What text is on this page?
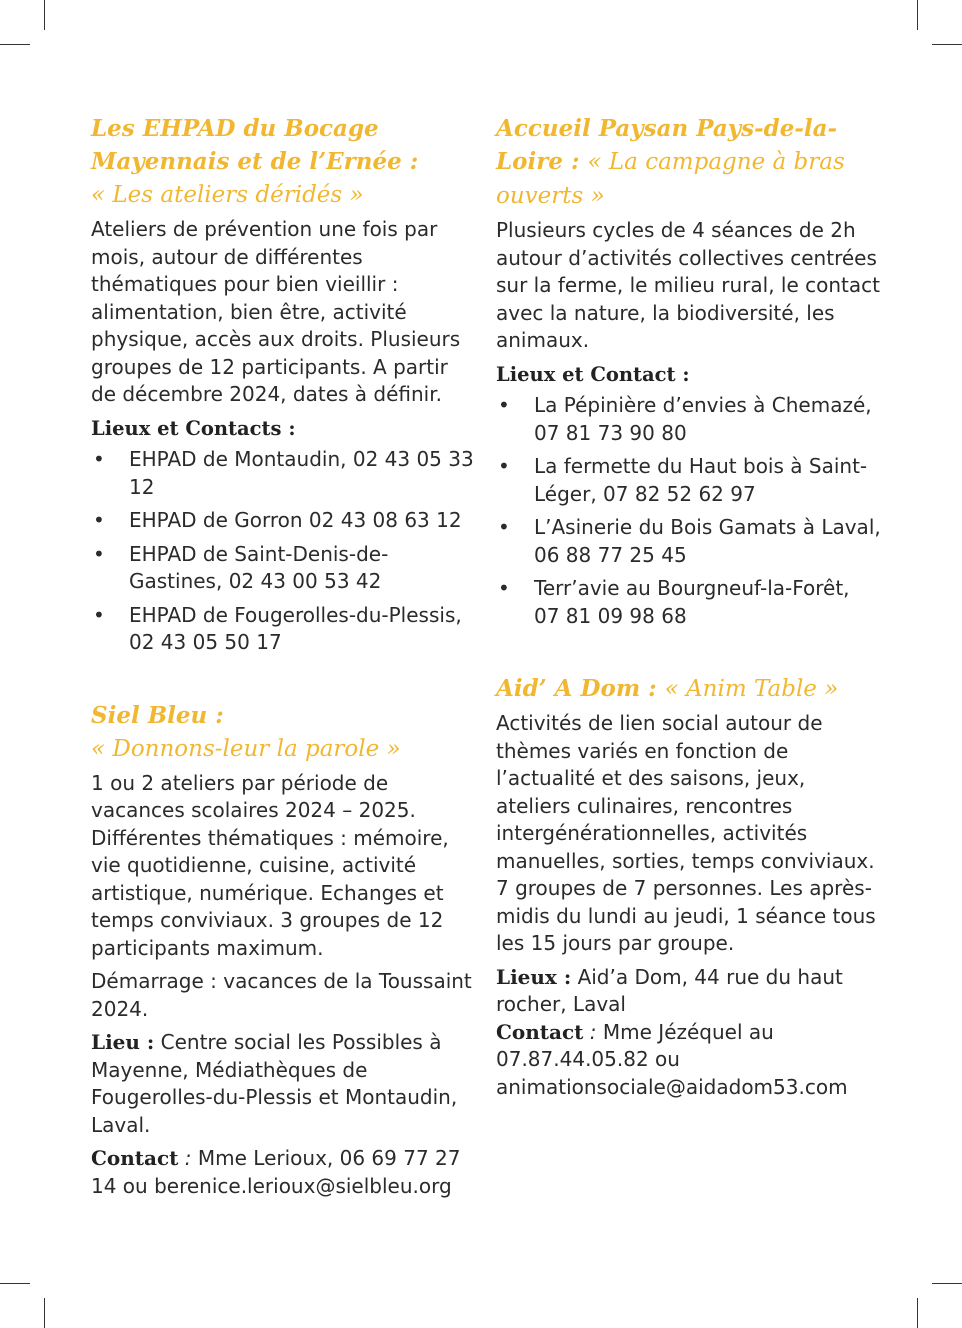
Les EHPAD du Bocage Mayennais et de l’Ernée :
« Les ateliers déridés »

Ateliers de prévention une fois par mois, autour de différentes thématiques pour bien vieillir : alimentation, bien être, activité physique, accès aux droits. Plusieurs groupes de 12 participants. A partir de décembre 2024, dates à définir.

Lieux et Contacts :

• EHPAD de Montaudin, 02 43 05 33 12
• EHPAD de Gorron 02 43 08 63 12
• EHPAD de Saint-Denis-de-Gastines, 02 43 00 53 42
• EHPAD de Fougerolles-du-Plessis, 02 43 05 50 17
Siel Bleu :
« Donnons-leur la parole »

1 ou 2 ateliers par période de vacances scolaires 2024 – 2025. Différentes thématiques : mémoire, vie quotidienne, cuisine, activité artistique, numérique. Echanges et temps conviviaux. 3 groupes de 12 participants maximum.

Démarrage : vacances de la Toussaint 2024.

Lieu : Centre social les Possibles à Mayenne, Médiathèques de Fougerolles-du-Plessis et Montaudin, Laval.

Contact : Mme Lerioux, 06 69 77 27 14 ou berenice.lerioux@sielbleu.org

Accueil Paysan Pays-de-la-Loire : « La campagne à bras ouverts »

Plusieurs cycles de 4 séances de 2h autour d’activités collectives centrées sur la ferme, le milieu rural, le contact avec la nature, la biodiversité, les animaux.

Lieux et Contact :

• La Pépinière d’envies à Chemazé, 07 81 73 90 80
• La fermette du Haut bois à Saint-Léger, 07 82 52 62 97
• L’Asinerie du Bois Gamats à Laval, 06 88 77 25 45
• Terr’avie au Bourgneuf-la-Forêt, 07 81 09 98 68
Aid’ A Dom : « Anim Table »

Activités de lien social autour de thèmes variés en fonction de l’actualité et des saisons, jeux, ateliers culinaires, rencontres intergénérationnelles, activités manuelles, sorties, temps conviviaux. 7 groupes de 7 personnes. Les après-midis du lundi au jeudi, 1 séance tous les 15 jours par groupe.

Lieux : Aid’a Dom, 44 rue du haut rocher, Laval

Contact : Mme Jézéquel au 07.87.44.05.82 ou animationsociale@aidadom53.com
